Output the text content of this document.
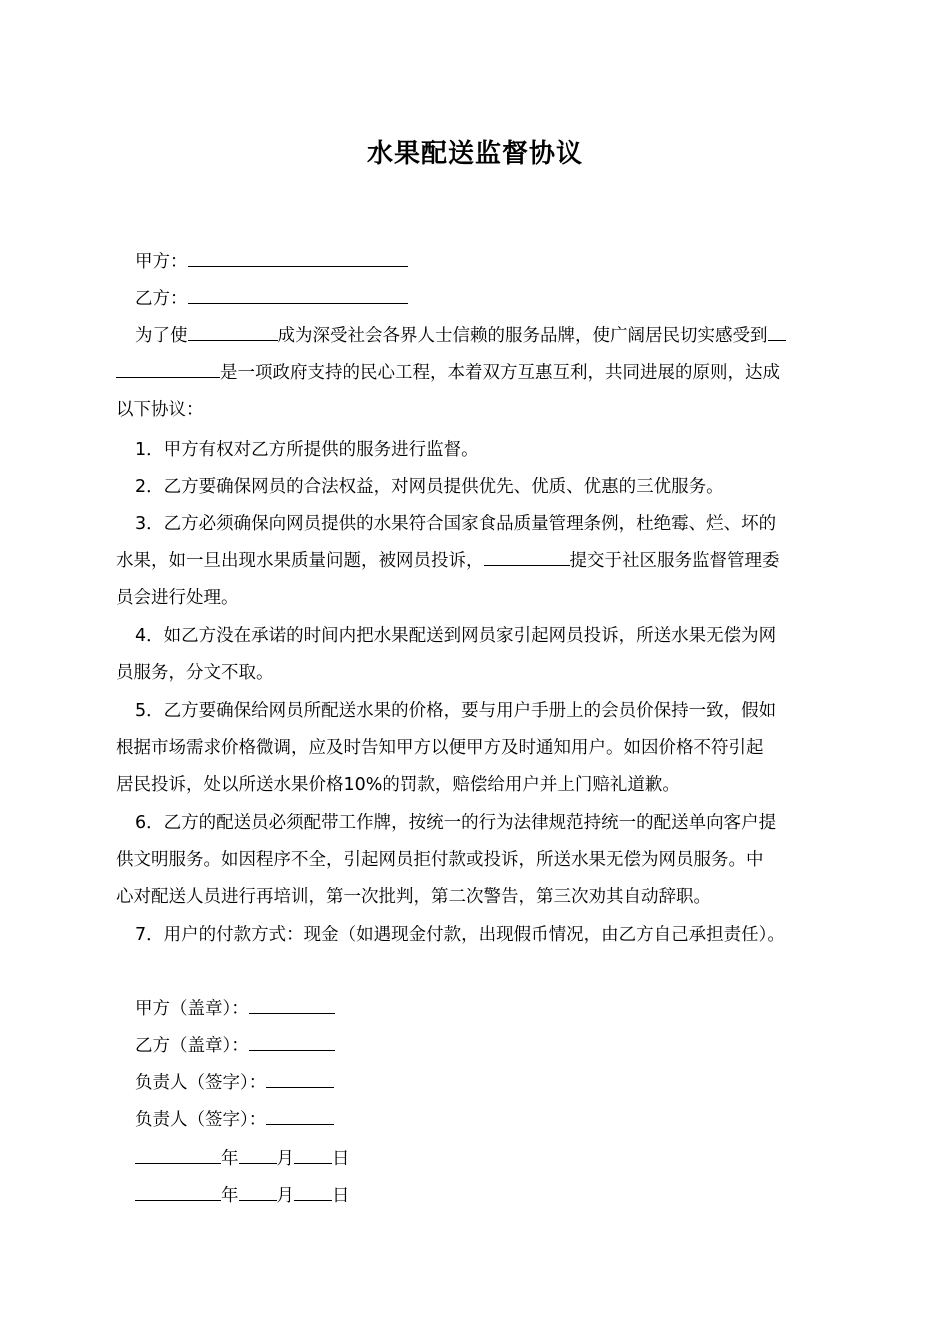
水果配送监督协议
甲方：
乙方：
为了使	成为深受社会各界人士信赖的服务品牌，使广阔居民切实感受到
是一项政府支持的民心工程，本着双方互惠互利，共同进展的原则，达成
以下协议：
1．甲方有权对乙方所提供的服务进行监督。
2．乙方要确保网员的合法权益，对网员提供优先、优质、优惠的三优服务。
3．乙方必须确保向网员提供的水果符合国家食品质量管理条例，杜绝霉、烂、坏的
水果，如一旦出现水果质量问题，被网员投诉，	提交于社区服务监督管理委
员会进行处理。
4．如乙方没在承诺的时间内把水果配送到网员家引起网员投诉，所送水果无偿为网
员服务，分文不取。
5．乙方要确保给网员所配送水果的价格，要与用户手册上的会员价保持一致，假如
根据市场需求价格微调，应及时告知甲方以便甲方及时通知用户。如因价格不符引起
居民投诉，处以所送水果价格10%的罚款，赔偿给用户并上门赔礼道歉。
6．乙方的配送员必须配带工作牌，按统一的行为法律规范持统一的配送单向客户提
供文明服务。如因程序不全，引起网员拒付款或投诉，所送水果无偿为网员服务。中
心对配送人员进行再培训，第一次批判，第二次警告，第三次劝其自动辞职。
7．用户的付款方式：现金（如遇现金付款，出现假币情况，由乙方自己承担责任）。
甲方（盖章）：
乙方（盖章）：
负责人（签字）：
负责人（签字）：
年 月 日
年 月 日
